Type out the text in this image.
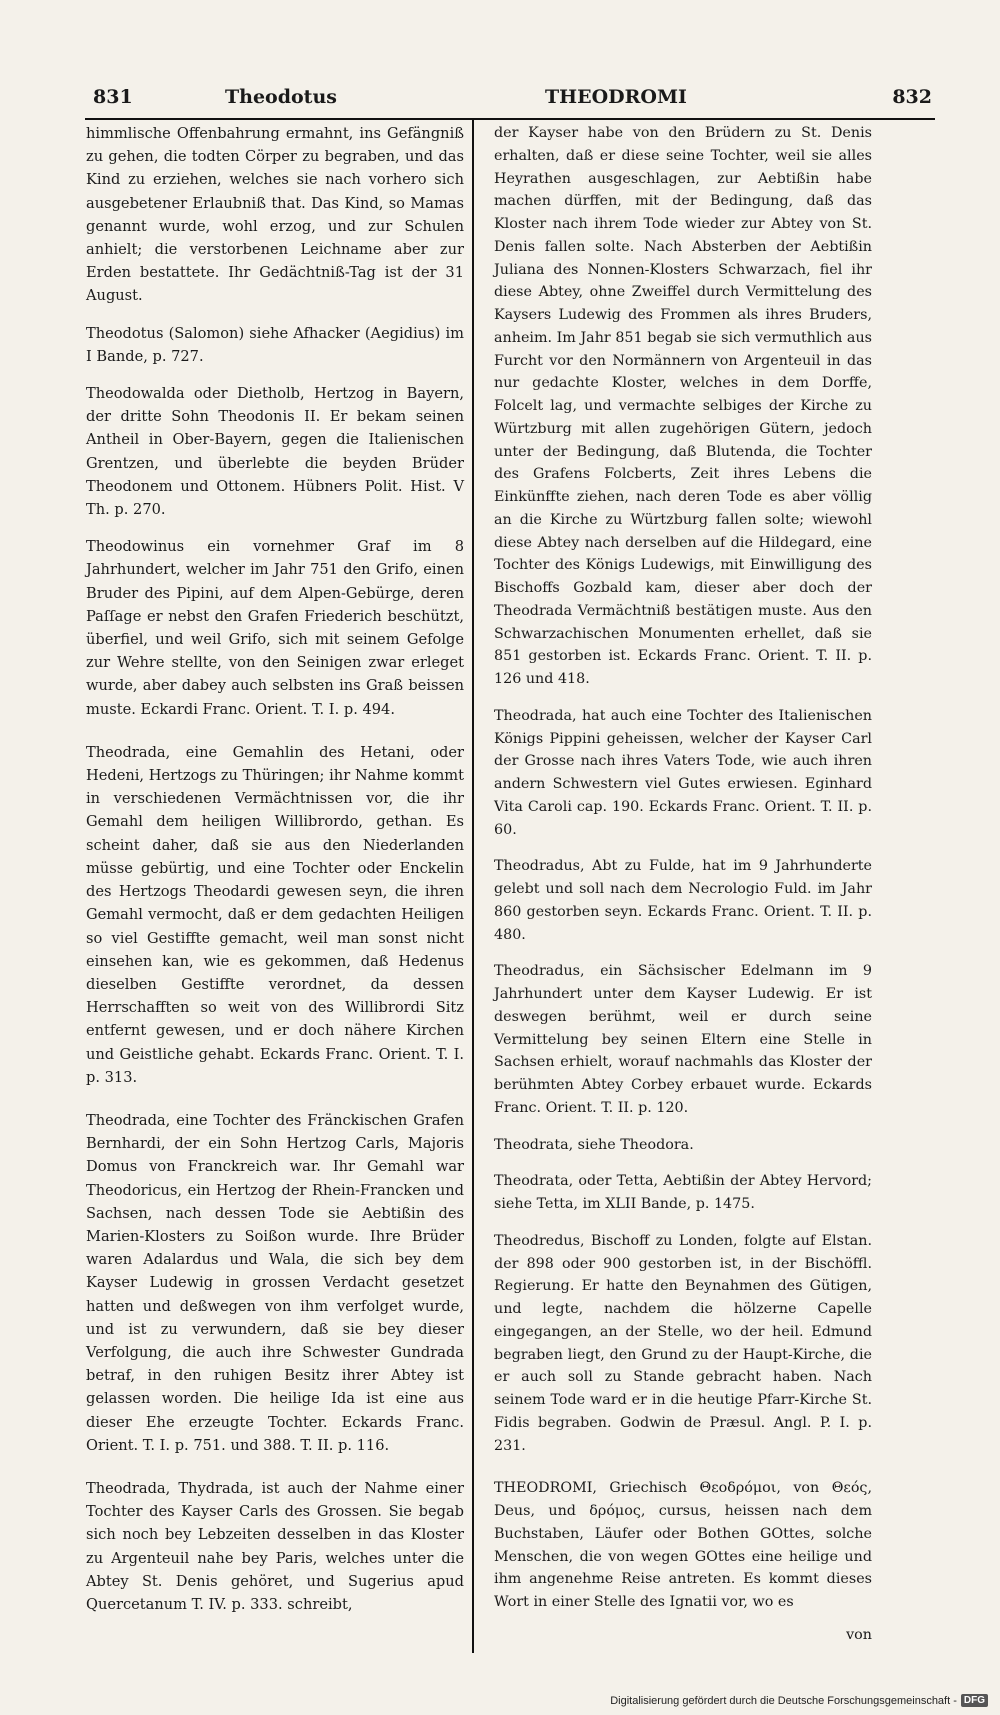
831	Theodotus	THEODROMI	832

himmlische Offenbahrung ermahnt, ins Gefängniß zu gehen, die todten Cörper zu begraben, und das Kind zu erziehen, welches sie nach vorhero sich ausgebetener Erlaubniß that. Das Kind, so Mamas genannt wurde, wohl erzog, und zur Schulen anhielt; die verstorbenen Leichname aber zur Erden bestattete. Ihr Gedächtniß-Tag ist der 31 August.

Theodotus (Salomon) siehe Afhacker (Aegidius) im I Bande, p. 727.

Theodowalda oder Dietholb, Hertzog in Bayern, der dritte Sohn Theodonis II. Er bekam seinen Antheil in Ober-Bayern, gegen die Italienischen Grentzen, und überlebte die beyden Brüder Theodonem und Ottonem. Hübners Polit. Hist. V Th. p. 270.

Theodowinus ein vornehmer Graf im 8 Jahrhundert, welcher im Jahr 751 den Grifo, einen Bruder des Pipini, auf dem Alpen-Gebürge, deren Paſſage er nebst den Grafen Friederich beschützt, überfiel, und weil Grifo, sich mit seinem Gefolge zur Wehre stellte, von den Seinigen zwar erleget wurde, aber dabey auch selbsten ins Graß beissen muste. Eckardi Franc. Orient. T. I. p. 494.

Theodrada, eine Gemahlin des Hetani, oder Hedeni, Hertzogs zu Thüringen; ihr Nahme kommt in verschiedenen Vermächtnissen vor, die ihr Gemahl dem heiligen Willibrordo, gethan. Es scheint daher, daß sie aus den Niederlanden müsse gebürtig, und eine Tochter oder Enckelin des Hertzogs Theodardi gewesen seyn, die ihren Gemahl vermocht, daß er dem gedachten Heiligen so viel Gestiffte gemacht, weil man sonst nicht einsehen kan, wie es gekommen, daß Hedenus dieselben Gestiffte verordnet, da dessen Herrschafften so weit von des Willibrordi Sitz entfernt gewesen, und er doch nähere Kirchen und Geistliche gehabt. Eckards Franc. Orient. T. I. p. 313.

Theodrada, eine Tochter des Fränckischen Grafen Bernhardi, der ein Sohn Hertzog Carls, Majoris Domus von Franckreich war. Ihr Gemahl war Theodoricus, ein Hertzog der Rhein-Francken und Sachsen, nach dessen Tode sie Aebtißin des Marien-Klosters zu Soißon wurde. Ihre Brüder waren Adalardus und Wala, die sich bey dem Kayser Ludewig in grossen Verdacht gesetzet hatten und deßwegen von ihm verfolget wurde, und ist zu verwundern, daß sie bey dieser Verfolgung, die auch ihre Schwester Gundrada betraf, in den ruhigen Besitz ihrer Abtey ist gelassen worden. Die heilige Ida ist eine aus dieser Ehe erzeugte Tochter. Eckards Franc. Orient. T. I. p. 751. und 388. T. II. p. 116.

Theodrada, Thydrada, ist auch der Nahme einer Tochter des Kayser Carls des Grossen. Sie begab sich noch bey Lebzeiten desselben in das Kloster zu Argenteuil nahe bey Paris, welches unter die Abtey St. Denis gehöret, und Sugerius apud Quercetanum T. IV. p. 333. schreibt,

der Kayser habe von den Brüdern zu St. Denis erhalten, daß er diese seine Tochter, weil sie alles Heyrathen ausgeschlagen, zur Aebtißin habe machen dürffen, mit der Bedingung, daß das Kloster nach ihrem Tode wieder zur Abtey von St. Denis fallen solte. Nach Absterben der Aebtißin Juliana des Nonnen-Klosters Schwarzach, fiel ihr diese Abtey, ohne Zweiffel durch Vermittelung des Kaysers Ludewig des Frommen als ihres Bruders, anheim. Im Jahr 851 begab sie sich vermuthlich aus Furcht vor den Normännern von Argenteuil in das nur gedachte Kloster, welches in dem Dorffe, Folcelt lag, und vermachte selbiges der Kirche zu Würtzburg mit allen zugehörigen Gütern, jedoch unter der Bedingung, daß Blutenda, die Tochter des Grafens Folcberts, Zeit ihres Lebens die Einkünffte ziehen, nach deren Tode es aber völlig an die Kirche zu Würtzburg fallen solte; wiewohl diese Abtey nach derselben auf die Hildegard, eine Tochter des Königs Ludewigs, mit Einwilligung des Bischoffs Gozbald kam, dieser aber doch der Theodrada Vermächtniß bestätigen muste. Aus den Schwarzachischen Monumenten erhellet, daß sie 851 gestorben ist. Eckards Franc. Orient. T. II. p. 126 und 418.

Theodrada, hat auch eine Tochter des Italienischen Königs Pippini geheissen, welcher der Kayser Carl der Grosse nach ihres Vaters Tode, wie auch ihren andern Schwestern viel Gutes erwiesen. Eginhard Vita Caroli cap. 190. Eckards Franc. Orient. T. II. p. 60.

Theodradus, Abt zu Fulde, hat im 9 Jahrhunderte gelebt und soll nach dem Necrologio Fuld. im Jahr 860 gestorben seyn. Eckards Franc. Orient. T. II. p. 480.

Theodradus, ein Sächsischer Edelmann im 9 Jahrhundert unter dem Kayser Ludewig. Er ist deswegen berühmt, weil er durch seine Vermittelung bey seinen Eltern eine Stelle in Sachsen erhielt, worauf nachmahls das Kloster der berühmten Abtey Corbey erbauet wurde. Eckards Franc. Orient. T. II. p. 120.

Theodrata, siehe Theodora.

Theodrata, oder Tetta, Aebtißin der Abtey Hervord; siehe Tetta, im XLII Bande, p. 1475.

Theodredus, Bischoff zu Londen, folgte auf Elstan. der 898 oder 900 gestorben ist, in der Bischöffl. Regierung. Er hatte den Beynahmen des Gütigen, und legte, nachdem die hölzerne Capelle eingegangen, an der Stelle, wo der heil. Edmund begraben liegt, den Grund zu der Haupt-Kirche, die er auch soll zu Stande gebracht haben. Nach seinem Tode ward er in die heutige Pfarr-Kirche St. Fidis begraben. Godwin de Præsul. Angl. P. I. p. 231.

THEODROMI, Griechisch Θεοδρόμοι, von Θεός, Deus, und δρόμος, cursus, heissen nach dem Buchstaben, Läufer oder Bothen GOttes, solche Menschen, die von wegen GOttes eine heilige und ihm angenehme Reise antreten. Es kommt dieses Wort in einer Stelle des Ignatii vor, wo es

von
Digitalisierung gefördert durch die Deutsche Forschungsgemeinschaft - DFG
